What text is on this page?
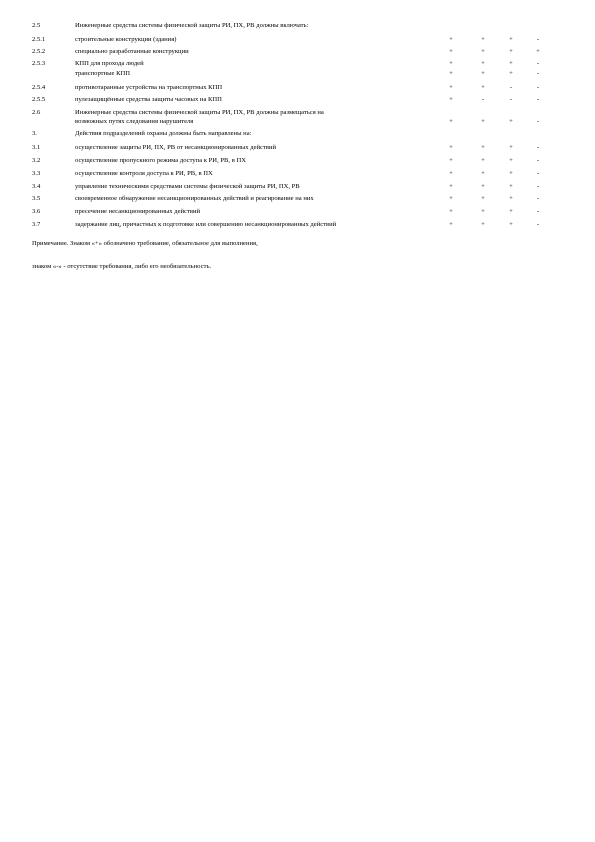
2.5	Инженерные средства системы физической защиты РИ, ПХ, РВ должны включать:
2.5.1	строительные конструкции (здания)	+	+	+	-
2.5.2	специально разработанные конструкции	+	+	+	+
2.5.3	КПП для прохода людей	+	+	+	-
транспортные КПП	+	+	+	-
2.5.4	противотаранные устройства на транспортных КПП	+	+	-	-
2.5.5	пулезащищённые средства защиты часовых на КПП	+	-	-	-
2.6	Инженерные средства системы физической защиты РИ, ПХ, РВ должны размещаться на
возможных путях следования нарушителя	+	+	+	-
3.	Действия подразделений охраны должны быть направлены на:
3.1	осуществление защиты РИ, ПХ, РВ от несанкционированных действий	+	+	+	-
3.2	осуществление пропускного режима доступа к РИ, РВ, в ПХ	+	+	+	-
3.3	осуществление контроля доступа к РИ, РВ, в ПХ	+	+	+	-
3.4	управление техническими средствами системы физической защиты РИ, ПХ, РВ	+	+	+	-
3.5	своевременное обнаружение несанкционированных действий и реагирование на них	+	+	+	-
3.6	пресечение несанкционированных действий	+	+	+	-
3.7	задержание лиц, причастных к подготовке или совершению несанкционированных действий	+	+	+	-
Примечание. Знаком «+» обозначено требование, обязательное для выполнения,
знаком «-» - отсутствие требования, либо его необязательность.
